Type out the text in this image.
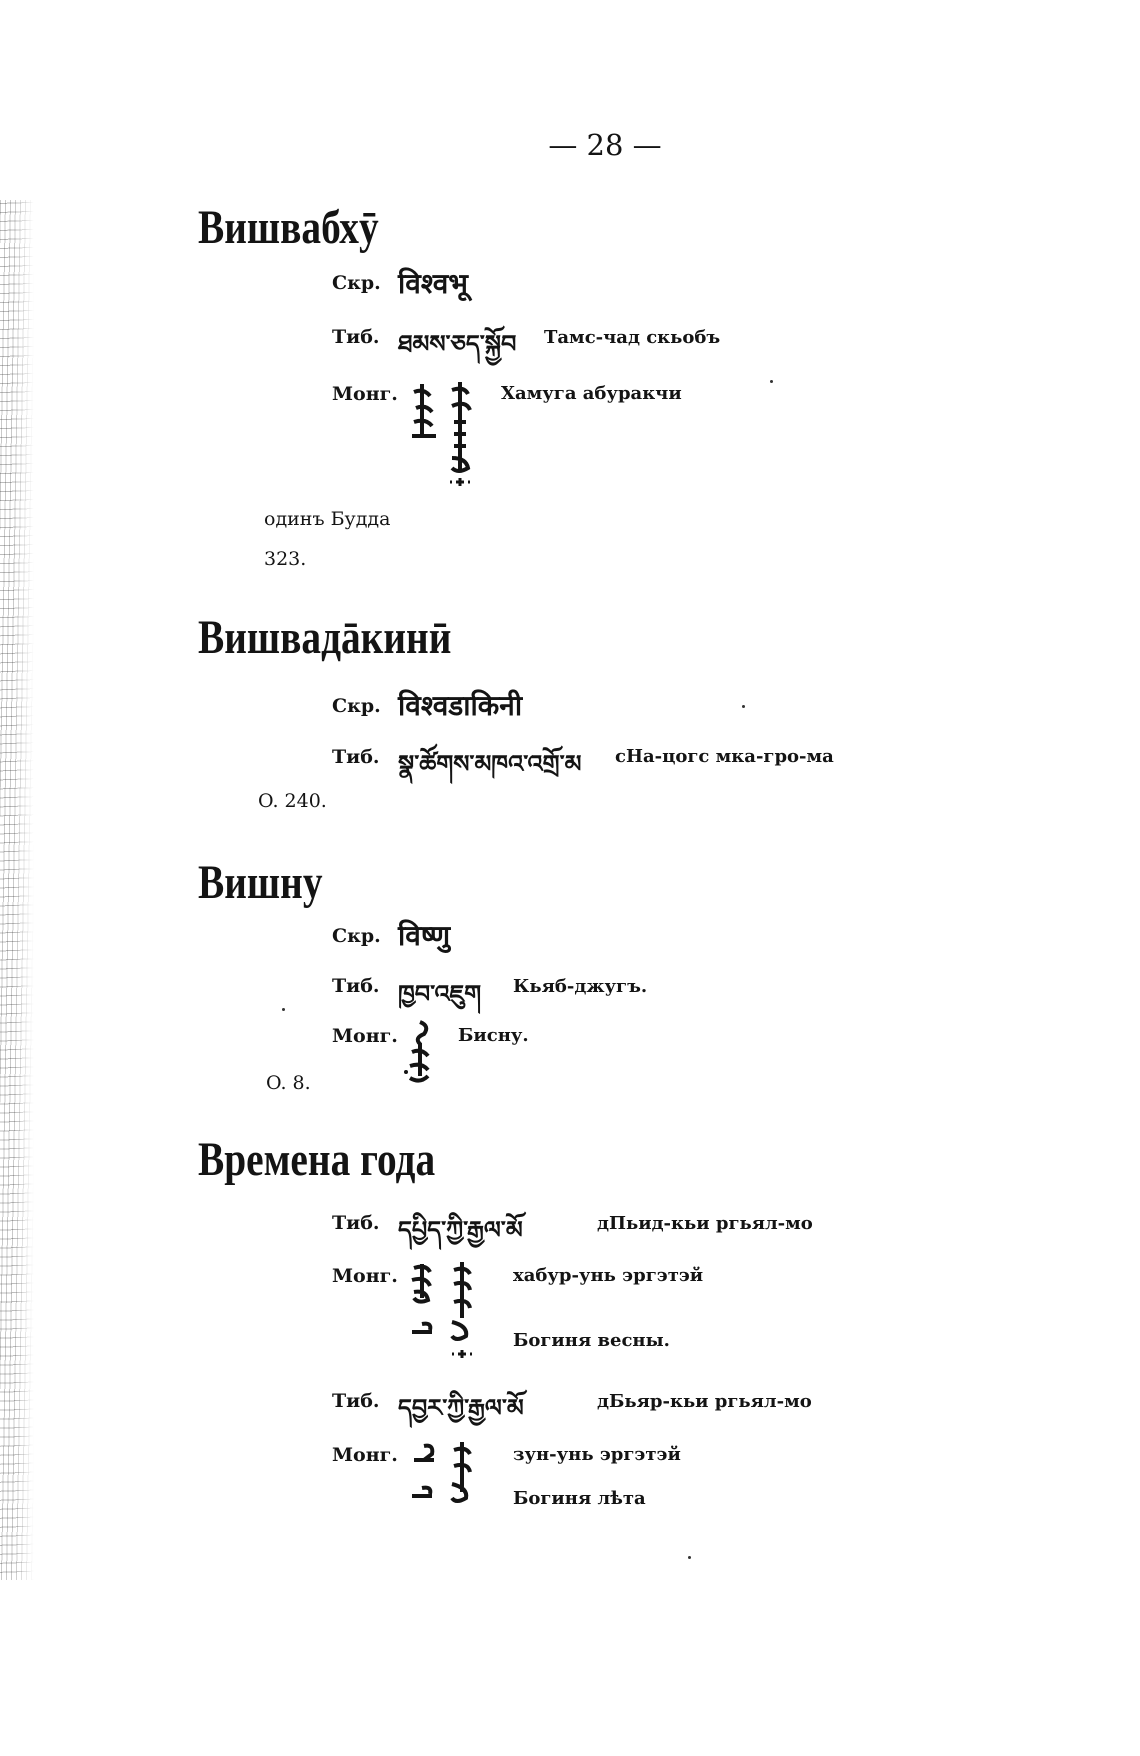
— 28 —
Вишвабхӯ
Скр. विश्वभू
Тиб. ཐམས་ཅད་སྐྱོབ Тамс-чад скьобъ
Монг.	Хамуга абуракчи
одинъ Будда
323.
Вишвадāкинӣ
Скр. विश्वडाकिनी
Тиб. སྣ་ཚོགས་མཁའ་འགྲོ་མ сНа-цогс мка-гро-ма
O. 240.
Вишну
Скр. विष्णु
Тиб. ཁྱབ་འཇུག Кьяб-джугъ.
Монг.	Бисну.
O. 8.
Времена года
Тиб. དཔྱིད་ཀྱི་རྒྱལ་མོ	дПьид-кьи ргьял-мо
Монг.	хабур-унь эргэтэй
Богиня весны.
Тиб. དབྱར་ཀྱི་རྒྱལ་མོ	дБьяр-кьи ргьял-мо
Монг.	зун-унь эргэтэй
Богиня лѣта
